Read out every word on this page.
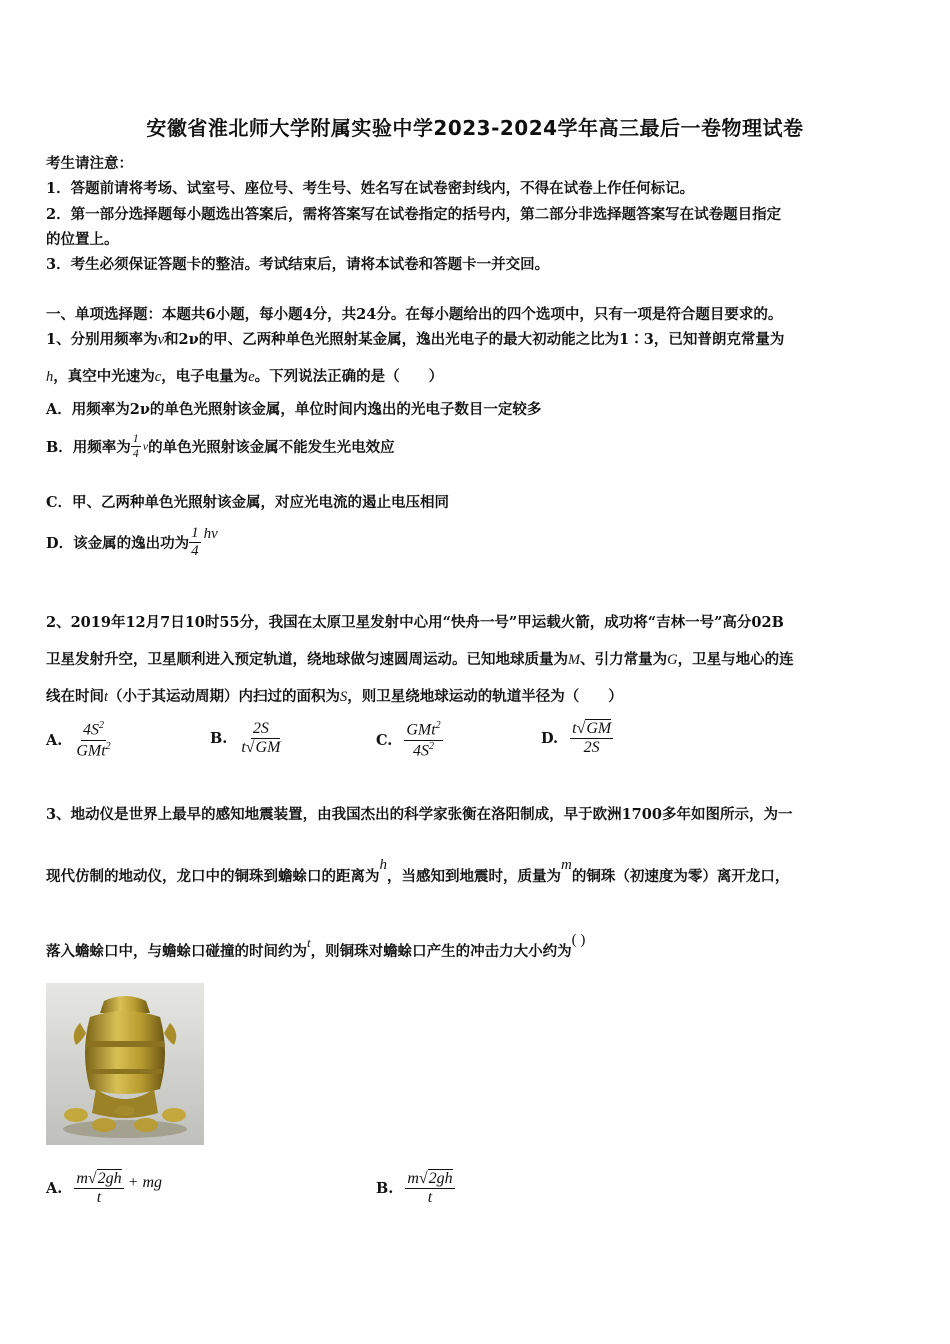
安徽省淮北师大学附属实验中学2023-2024学年高三最后一卷物理试卷
考生请注意：
1．答题前请将考场、试室号、座位号、考生号、姓名写在试卷密封线内，不得在试卷上作任何标记。
2．第一部分选择题每小题选出答案后，需将答案写在试卷指定的括号内，第二部分非选择题答案写在试卷题目指定
的位置上。
3．考生必须保证答题卡的整洁。考试结束后，请将本试卷和答题卡一并交回。
一、单项选择题：本题共6小题，每小题4分，共24分。在每小题给出的四个选项中，只有一项是符合题目要求的。
1、分别用频率为ν和2ν的甲、乙两种单色光照射某金属，逸出光电子的最大初动能之比为1∶3，已知普朗克常量为
h，真空中光速为c，电子电量为e。下列说法正确的是（　　）
A．用频率为2ν的单色光照射该金属，单位时间内逸出的光电子数目一定较多
B．用频率为 $\frac{1}{4}$ ν 的单色光照射该金属不能发生光电效应
C．甲、乙两种单色光照射该金属，对应光电流的遏止电压相同
D．该金属的逸出功为 $\frac{1}{4}$ hν
2、2019年12月7日10时55分，我国在太原卫星发射中心用“快舟一号”甲运载火箭，成功将“吉林一号”高分02B
卫星发射升空，卫星顺利进入预定轨道，绕地球做匀速圆周运动。已知地球质量为M、引力常量为G，卫星与地心的连
线在时间t（小于其运动周期）内扫过的面积为S，则卫星绕地球运动的轨道半径为（　　）
A. $\frac{4S^2}{GMt^2}$	B. $\frac{2S}{t√GM}$	C. $\frac{GMt^2}{4S^2}$	D. $\frac{t√GM}{2S}$
3、地动仪是世界上最早的感知地震装置，由我国杰出的科学家张衡在洛阳制成，早于欧洲1700多年如图所示，为一
现代仿制的地动仪，龙口中的铜珠到蟾蜍口的距离为h，当感知到地震时，质量为m的铜珠（初速度为零）离开龙口，
落入蟾蜍口中，与蟾蜍口碰撞的时间约为t，则铜珠对蟾蜍口产生的冲击力大小约为( )
A. $\frac{m√2gh}{t}$ + mg	B. $\frac{m√2gh}{t}$
